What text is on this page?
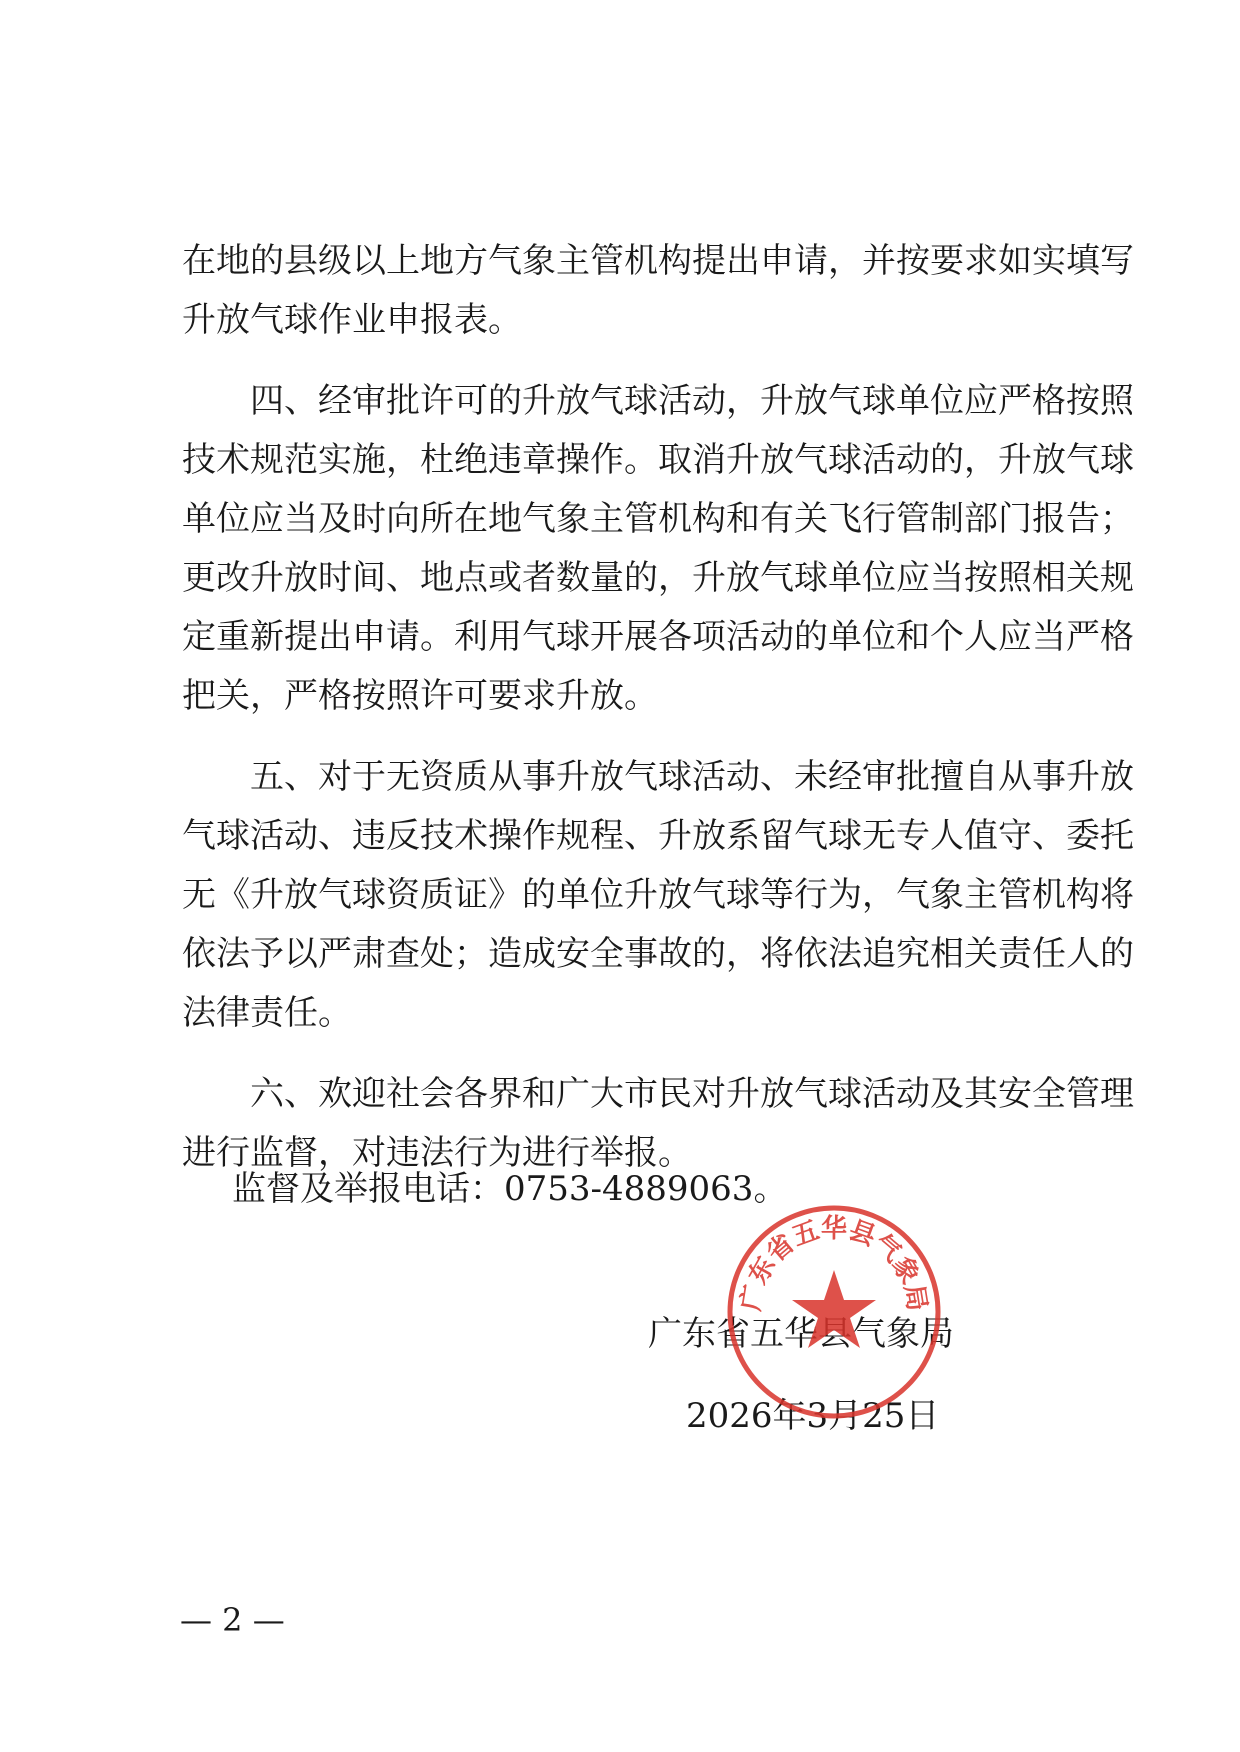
在地的县级以上地方气象主管机构提出申请，并按要求如实填写
升放气球作业申报表。
　　四、经审批许可的升放气球活动，升放气球单位应严格按照
技术规范实施，杜绝违章操作。取消升放气球活动的，升放气球
单位应当及时向所在地气象主管机构和有关飞行管制部门报告；
更改升放时间、地点或者数量的，升放气球单位应当按照相关规
定重新提出申请。利用气球开展各项活动的单位和个人应当严格
把关，严格按照许可要求升放。
　　五、对于无资质从事升放气球活动、未经审批擅自从事升放
气球活动、违反技术操作规程、升放系留气球无专人值守、委托
无《升放气球资质证》的单位升放气球等行为，气象主管机构将
依法予以严肃查处；造成安全事故的，将依法追究相关责任人的
法律责任。
　　六、欢迎社会各界和广大市民对升放气球活动及其安全管理
进行监督，对违法行为进行举报。
监督及举报电话：0753-4889063。
广东省五华县气象局
2026年3月25日
广东省五华县气象局
— 2 —
